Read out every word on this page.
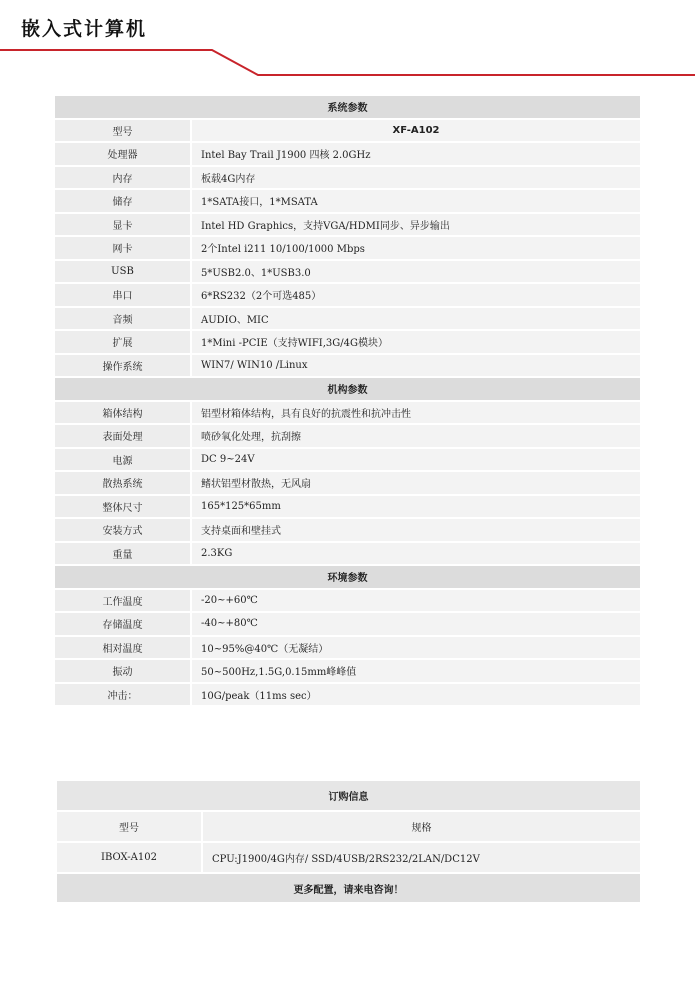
嵌入式计算机
系统参数	
型号	XF-A102
处理器	Intel Bay Trail J1900 四核 2.0GHz
内存	板载4G内存
储存	1*SATA接口，1*MSATA
显卡	Intel HD Graphics，支持VGA/HDMI同步、异步输出
网卡	2个Intel i211 10/100/1000 Mbps
USB	5*USB2.0、1*USB3.0
串口	6*RS232（2个可选485）
音频	AUDIO、MIC
扩展	1*Mini -PCIE（支持WIFI,3G/4G模块）
操作系统	WIN7/ WIN10 /Linux
机构参数	
箱体结构	铝型材箱体结构，具有良好的抗震性和抗冲击性
表面处理	喷砂氧化处理，抗刮擦
电源	DC 9~24V
散热系统	鳍状铝型材散热，无风扇
整体尺寸	165*125*65mm
安装方式	支持桌面和壁挂式
重量	2.3KG
环境参数	
工作温度	-20~+60℃
存储温度	-40~+80℃
相对温度	10~95%@40℃（无凝结）
振动	50~500Hz,1.5G,0.15mm峰峰值
冲击：	10G/peak（11ms sec）
订购信息	
型号	规格
IBOX-A102	CPU:J1900/4G内存/ SSD/4USB/2RS232/2LAN/DC12V
更多配置，请来电咨询！	
